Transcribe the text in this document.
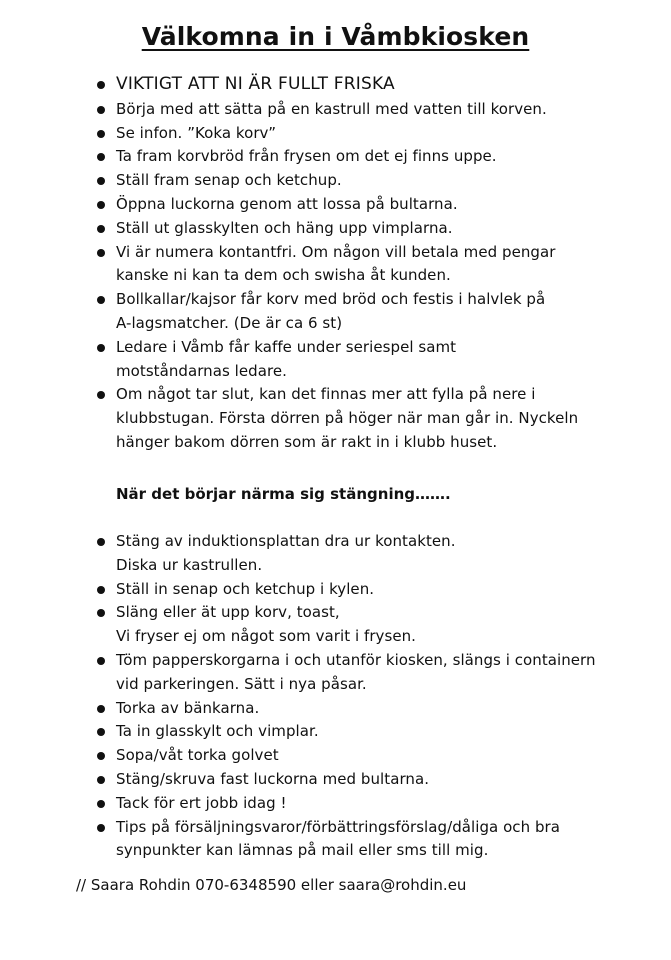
Välkomna in i Våmbkiosken
VIKTIGT ATT NI ÄR FULLT FRISKA
Börja med att sätta på en kastrull med vatten till korven.
Se infon. ”Koka korv”
Ta fram korvbröd från frysen om det ej finns uppe.
Ställ fram senap och ketchup.
Öppna luckorna genom att lossa på bultarna.
Ställ ut glasskylten och häng upp vimplarna.
Vi är numera kontantfri. Om någon vill betala med pengar
kanske ni kan ta dem och swisha åt kunden.
Bollkallar/kajsor får korv med bröd och festis i halvlek på
A-lagsmatcher. (De är ca 6 st)
Ledare i Våmb får kaffe under seriespel samt
motståndarnas ledare.
Om något tar slut, kan det finnas mer att fylla på nere i
klubbstugan. Första dörren på höger när man går in. Nyckeln
hänger bakom dörren som är rakt in i klubb huset.
När det börjar närma sig stängning…….
Stäng av induktionsplattan dra ur kontakten.
Diska ur kastrullen.
Ställ in senap och ketchup i kylen.
Släng eller ät upp korv, toast,
Vi fryser ej om något som varit i frysen.
Töm papperskorgarna i och utanför kiosken, slängs i containern
vid parkeringen. Sätt i nya påsar.
Torka av bänkarna.
Ta in glasskylt och vimplar.
Sopa/våt torka golvet
Stäng/skruva fast luckorna med bultarna.
Tack för ert jobb idag !
Tips på försäljningsvaror/förbättringsförslag/dåliga och bra
synpunkter kan lämnas på mail eller sms till mig.
// Saara Rohdin 070-6348590 eller saara@rohdin.eu
